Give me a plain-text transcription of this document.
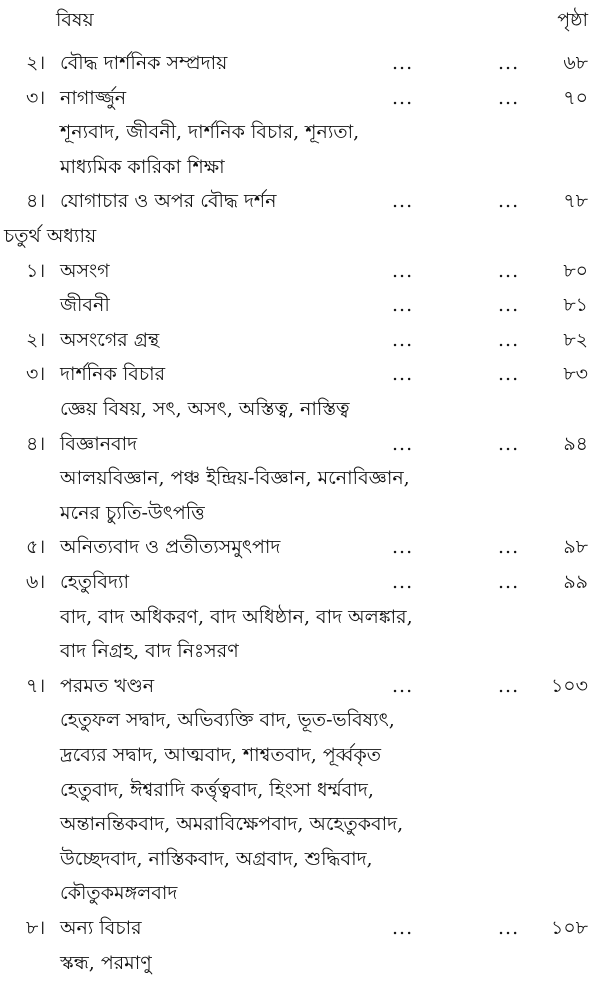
বিষয়	পৃষ্ঠা
২। বৌদ্ধ দার্শনিক সম্প্রদায়	...	...	৬৮
৩। নাগার্জ্জুন	...	...	৭০
শূন্যবাদ, জীবনী, দার্শনিক বিচার, শূন্যতা,
মাধ্যমিক কারিকা শিক্ষা
৪। যোগাচার ও অপর বৌদ্ধ দর্শন	...	...	৭৮
চতুর্থ অধ্যায়
১। অসংগ	...	...	৮০
জীবনী	...	...	৮১
২। অসংগের গ্রন্থ	...	...	৮২
৩। দার্শনিক বিচার	...	...	৮৩
জ্ঞেয় বিষয়, সৎ, অসৎ, অস্তিত্ব, নাস্তিত্ব
৪। বিজ্ঞানবাদ	...	...	৯৪
আলয়বিজ্ঞান, পঞ্চ ইন্দ্রিয়-বিজ্ঞান, মনোবিজ্ঞান,
মনের চ্যুতি-উৎপত্তি
৫। অনিত্যবাদ ও প্রতীত্যসমুৎপাদ	...	...	৯৮
৬। হেতুবিদ্যা	...	...	৯৯
বাদ, বাদ অধিকরণ, বাদ অধিষ্ঠান, বাদ অলঙ্কার,
বাদ নিগ্রহ, বাদ নিঃসরণ
৭। পরমত খণ্ডন	...	...	১০৩
হেতুফল সদ্বাদ, অভিব্যক্তি বাদ, ভূত-ভবিষ্যৎ,
দ্রব্যের সদ্বাদ, আত্মবাদ, শাশ্বতবাদ, পূর্ব্বকৃত
হেতুবাদ, ঈশ্বরাদি কর্ত্তৃত্ববাদ, হিংসা ধর্ম্মবাদ,
অন্তানন্তিকবাদ, অমরাবিক্ষেপবাদ, অহেতুকবাদ,
উচ্ছেদবাদ, নাস্তিকবাদ, অগ্রবাদ, শুদ্ধিবাদ,
কৌতুকমঙ্গলবাদ
৮। অন্য বিচার	...	...	১০৮
স্কন্ধ, পরমাণু
